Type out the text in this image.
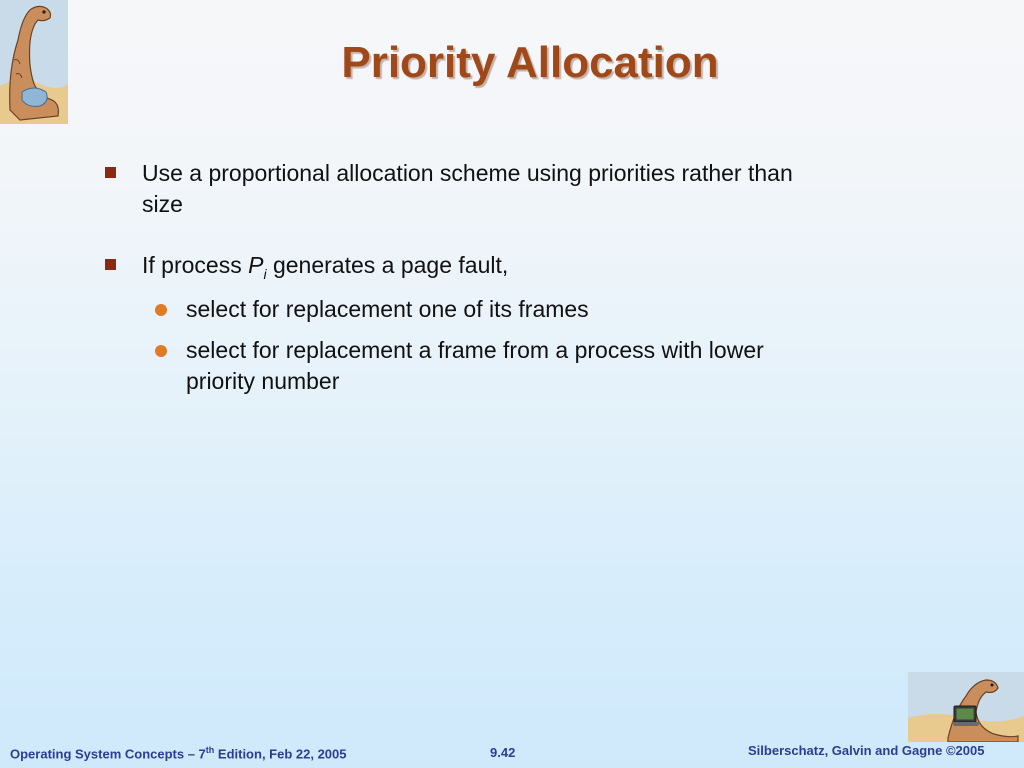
Priority Allocation
Use a proportional allocation scheme using priorities rather than size
If process $P_i$ generates a page fault,
select for replacement one of its frames
select for replacement a frame from a process with lower priority number
Operating System Concepts – 7th Edition, Feb 22, 2005	9.42	Silberschatz, Galvin and Gagne ©2005
